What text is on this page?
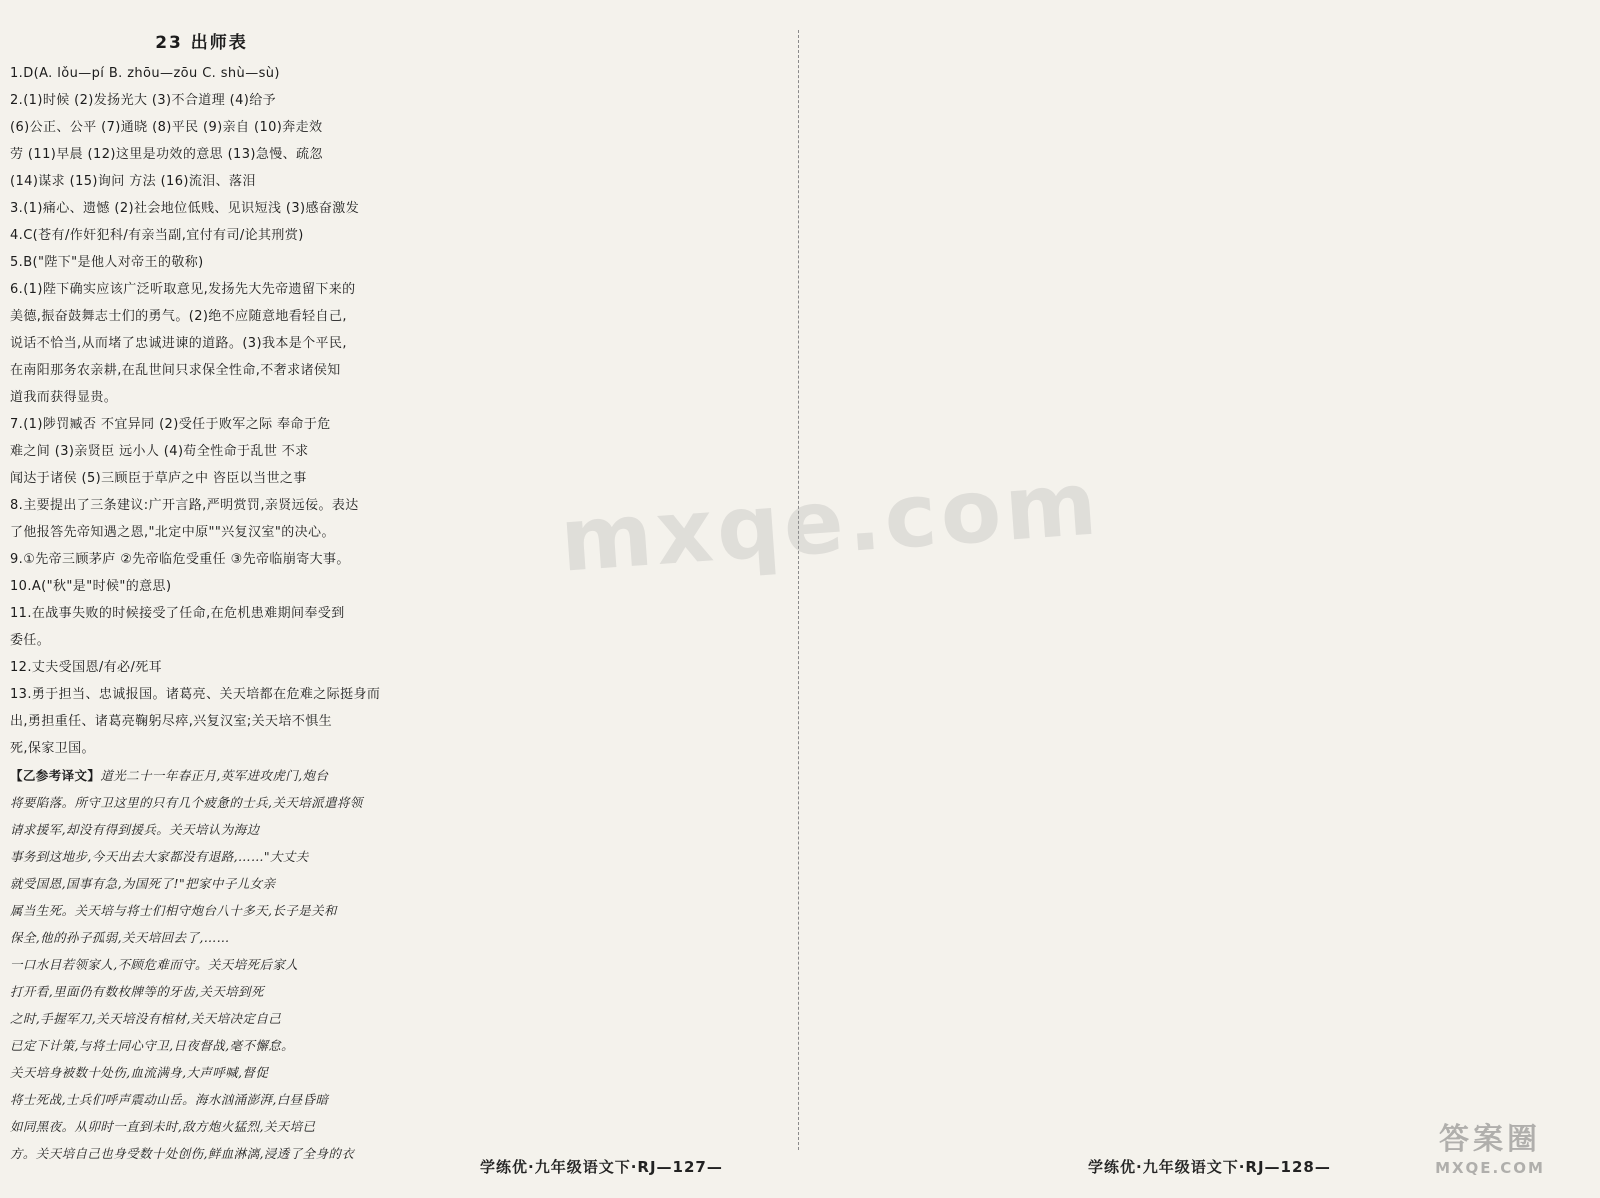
23 出师表
1.D(A. lǒu—pí B. zhōu—zōu C. shù—sù)
2.(1)时候 (2)发扬光大 (3)不合道理 (4)给予
(6)公正、公平 (7)通晓 (8)平民 (9)亲自 (10)奔走效
劳 (11)早晨 (12)这里是功效的意思 (13)急慢、疏忽
(14)谋求 (15)询问 方法 (16)流泪、落泪
3.(1)痛心、遗憾 (2)社会地位低贱、见识短浅 (3)感奋激发
4.C(苍有/作奸犯科/有亲当副,宜付有司/论其刑赏)
5.B("陛下"是他人对帝王的敬称)
6.(1)陛下确实应该广泛听取意见,发扬先大先帝遗留下来的
美德,振奋鼓舞志士们的勇气。(2)绝不应随意地看轻自己,
说话不恰当,从而堵了忠诚进谏的道路。(3)我本是个平民,
在南阳那务农亲耕,在乱世间只求保全性命,不奢求诸侯知
道我而获得显贵。
7.(1)陟罚臧否 不宜异同 (2)受任于败军之际 奉命于危
难之间 (3)亲贤臣 远小人 (4)苟全性命于乱世 不求
闻达于诸侯 (5)三顾臣于草庐之中 咨臣以当世之事
8.主要提出了三条建议:广开言路,严明赏罚,亲贤远佞。表达
了他报答先帝知遇之恩,"北定中原""兴复汉室"的决心。
9.①先帝三顾茅庐 ②先帝临危受重任 ③先帝临崩寄大事。
10.A("秋"是"时候"的意思)
11.在战事失败的时候接受了任命,在危机患难期间奉受到
委任。
12.丈夫受国恩/有必/死耳
13.勇于担当、忠诚报国。诸葛亮、关天培都在危难之际挺身而
出,勇担重任、诸葛亮鞠躬尽瘁,兴复汉室;关天培不惧生
死,保家卫国。
【乙参考译文】道光二十一年春正月,英军进攻虎门,炮台
将要陷落。所守卫这里的只有几个疲惫的士兵,关天培派遣将领
请求援军,却没有得到援兵。关天培认为海边
事务到这地步,今天出去大家都没有退路,……"大丈夫
就受国恩,国事有急,为国死了!"把家中子儿女亲
属当生死。关天培与将士们相守炮台八十多天,长子是关和
保全,他的孙子孤弱,关天培回去了,……
一口水目若领家人,不顾危难而守。关天培死后家人
打开看,里面仍有数枚牌等的牙齿,关天培到死
之时,手握军刀,关天培没有棺材,关天培决定自己
已定下计策,与将士同心守卫,日夜督战,毫不懈怠。
关天培身被数十处伤,血流满身,大声呼喊,督促
将士死战,士兵们呼声震动山岳。海水汹涌澎湃,白昼昏暗
如同黑夜。从卯时一直到未时,敌方炮火猛烈,关天培已
方。关天培自己也身受数十处创伤,鲜血淋漓,浸透了全身的衣
学练优·九年级语文下·RJ—127—	学练优·九年级语文下·RJ—128—
mxqe.com
答案圈
MXQE.COM
